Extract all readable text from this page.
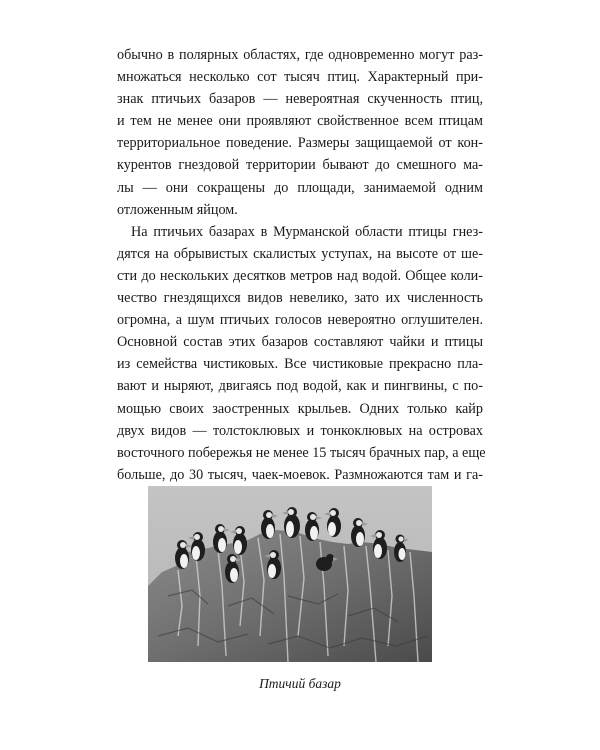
обычно в полярных областях, где одновременно могут раз-
множаться несколько сот тысяч птиц. Характерный при-
знак птичьих базаров — невероятная скученность птиц,
и тем не менее они проявляют свойственное всем птицам
территориальное поведение. Размеры защищаемой от кон-
курентов гнездовой территории бывают до смешного ма-
лы — они сокращены до площади, занимаемой одним
отложенным яйцом.
На птичьих базарах в Мурманской области птицы гнез-
дятся на обрывистых скалистых уступах, на высоте от ше-
сти до нескольких десятков метров над водой. Общее коли-
чество гнездящихся видов невелико, зато их численность
огромна, а шум птичьих голосов невероятно оглушителен.
Основной состав этих базаров составляют чайки и птицы
из семейства чистиковых. Все чистиковые прекрасно пла-
вают и ныряют, двигаясь под водой, как и пингвины, с по-
мощью своих заостренных крыльев. Одних только кайр
двух видов — толстоклювых и тонкоклювых на островах
восточного побережья не менее 15 тысяч брачных пар, а еще
больше, до 30 тысяч, чаек-моевок. Размножаются там и га-
Птичий базар
